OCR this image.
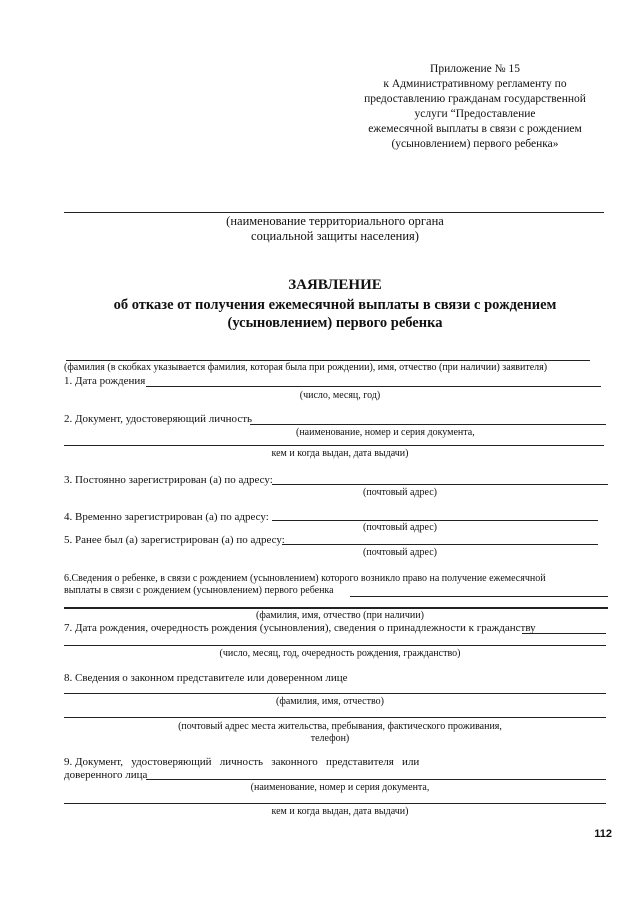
Приложение № 15
к Административному регламенту по
предоставлению гражданам государственной
услуги “Предоставление
ежемесячной выплаты в связи с рождением
(усыновлением) первого ребенка»
(наименование территориального органа
социальной защиты населения)
ЗАЯВЛЕНИЕ
об отказе от получения ежемесячной выплаты в связи с рождением
(усыновлением) первого ребенка
(фамилия (в скобках указывается фамилия, которая была при рождении), имя, отчество (при наличии) заявителя)
1. Дата рождения
(число, месяц, год)
2. Документ, удостоверяющий личность
(наименование, номер и серия документа,
кем и когда выдан, дата выдачи)
3. Постоянно зарегистрирован (а) по адресу:
(почтовый адрес)
4. Временно зарегистрирован (а) по адресу:
(почтовый адрес)
5. Ранее был (а) зарегистрирован (а) по адресу:
(почтовый адрес)
6.Сведения о ребенке, в связи с рождением (усыновлением) которого возникло право на получение ежемесячной
выплаты в связи с рождением (усыновлением) первого ребенка
(фамилия, имя, отчество (при наличии)
7. Дата рождения, очередность рождения (усыновления), сведения о принадлежности к гражданству
(число, месяц, год, очередность рождения, гражданство)
8. Сведения о законном представителе или доверенном лице
(фамилия, имя, отчество)
(почтовый адрес места жительства, пребывания, фактического проживания,
телефон)
9. Документ,   удостоверяющий   личность   законного   представителя   или
доверенного лица
(наименование, номер и серия документа,
кем и когда выдан, дата выдачи)
112
